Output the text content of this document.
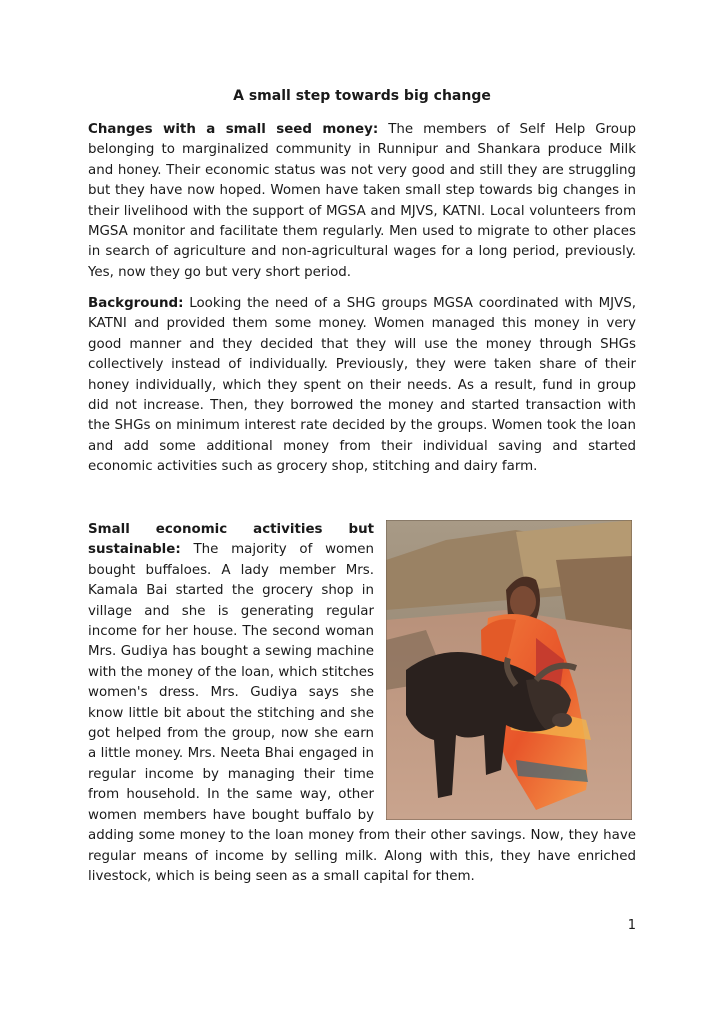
A small step towards big change

Changes with a small seed money: The members of Self Help Group belonging to marginalized community in Runnipur and Shankara produce Milk and honey. Their economic status was not very good and still they are struggling but they have now hoped. Women have taken small step towards big changes in their livelihood with the support of MGSA and MJVS, KATNI. Local volunteers from MGSA monitor and facilitate them regularly. Men used to migrate to other places in search of agriculture and non-agricultural wages for a long period, previously. Yes, now they go but very short period.

Background: Looking the need of a SHG groups MGSA coordinated with MJVS, KATNI and provided them some money. Women managed this money in very good manner and they decided that they will use the money through SHGs collectively instead of individually. Previously, they were taken share of their honey individually, which they spent on their needs. As a result, fund in group did not increase. Then, they borrowed the money and started transaction with the SHGs on minimum interest rate decided by the groups. Women took the loan and add some additional money from their individual saving and started economic activities such as grocery shop, stitching and dairy farm.

Small economic activities but sustainable: The majority of women bought buffaloes. A lady member Mrs. Kamala Bai started the grocery shop in village and she is generating regular income for her house. The second woman Mrs. Gudiya has bought a sewing machine with the money of the loan, which stitches women's dress. Mrs. Gudiya says she know little bit about the stitching and she got helped from the group, now she earn a little money. Mrs. Neeta Bhai engaged in regular income by managing their time from household. In the same way, other women members have bought buffalo by adding some money to the loan money from their other savings. Now, they have regular means of income by selling milk. Along with this, they have enriched livestock, which is being seen as a small capital for them.
1
